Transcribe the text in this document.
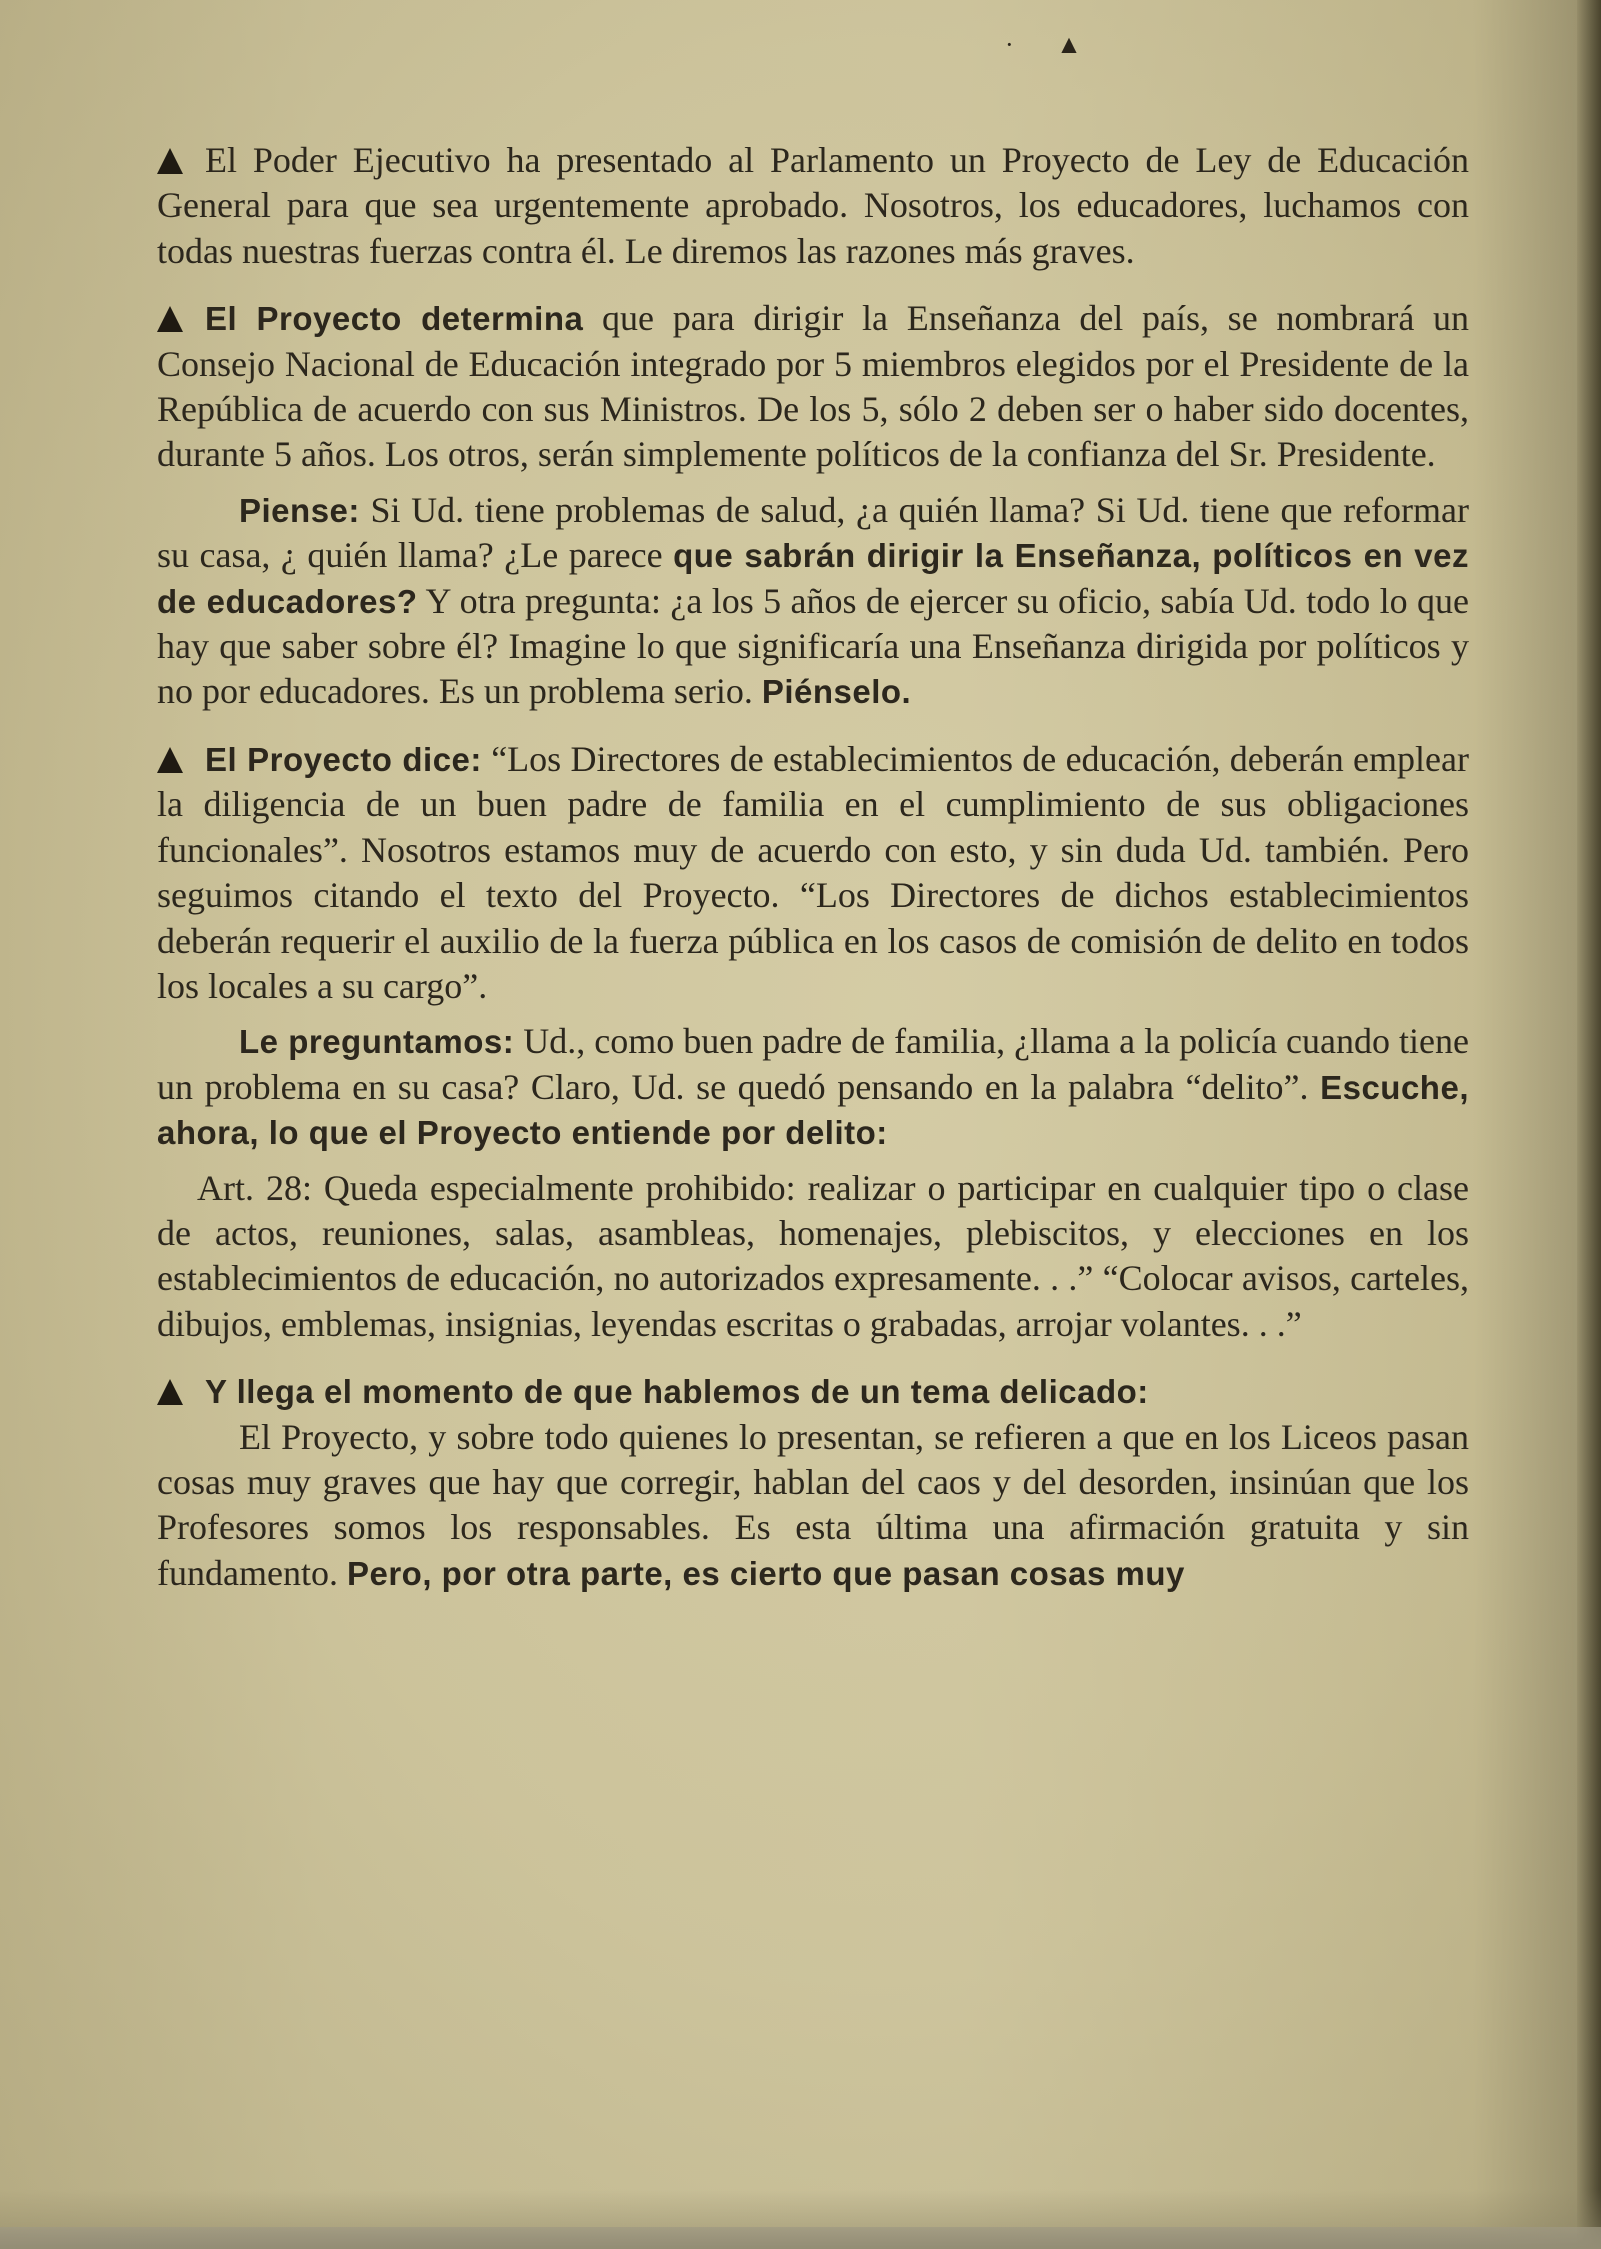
· ▲

El Poder Ejecutivo ha presentado al Parlamento un Proyecto de Ley de Educación General para que sea urgentemente aprobado. Nosotros, los educadores, luchamos con todas nuestras fuerzas contra él. Le diremos las razones más graves.

El Proyecto determina que para dirigir la Enseñanza del país, se nombrará un Consejo Nacional de Educación integrado por 5 miembros elegidos por el Presidente de la República de acuerdo con sus Ministros. De los 5, sólo 2 deben ser o haber sido docentes, durante 5 años. Los otros, serán simplemente políticos de la confianza del Sr. Presidente.

Piense: Si Ud. tiene problemas de salud, ¿a quién llama? Si Ud. tiene que reformar su casa, ¿ quién llama? ¿Le parece que sabrán dirigir la Enseñanza, políticos en vez de educadores? Y otra pregunta: ¿a los 5 años de ejercer su oficio, sabía Ud. todo lo que hay que saber sobre él? Imagine lo que significaría una Enseñanza dirigida por políticos y no por educadores. Es un problema serio. Piénselo.

El Proyecto dice: “Los Directores de establecimientos de educación, deberán emplear la diligencia de un buen padre de familia en el cumplimiento de sus obligaciones funcionales”. Nosotros estamos muy de acuerdo con esto, y sin duda Ud. también. Pero seguimos citando el texto del Proyecto. “Los Directores de dichos establecimientos deberán requerir el auxilio de la fuerza pública en los casos de comisión de delito en todos los locales a su cargo”.

Le preguntamos: Ud., como buen padre de familia, ¿llama a la policía cuando tiene un problema en su casa? Claro, Ud. se quedó pensando en la palabra “delito”. Escuche, ahora, lo que el Proyecto entiende por delito:

Art. 28: Queda especialmente prohibido: realizar o participar en cualquier tipo o clase de actos, reuniones, salas, asambleas, homenajes, plebiscitos, y elecciones en los establecimientos de educación, no autorizados expresamente. . .” “Colocar avisos, carteles, dibujos, emblemas, insignias, leyendas escritas o grabadas, arrojar volantes. . .”

Y llega el momento de que hablemos de un tema delicado:

El Proyecto, y sobre todo quienes lo presentan, se refieren a que en los Liceos pasan cosas muy graves que hay que corregir, hablan del caos y del desorden, insinúan que los Profesores somos los responsables. Es esta última una afirmación gratuita y sin fundamento. Pero, por otra parte, es cierto que pasan cosas muy
